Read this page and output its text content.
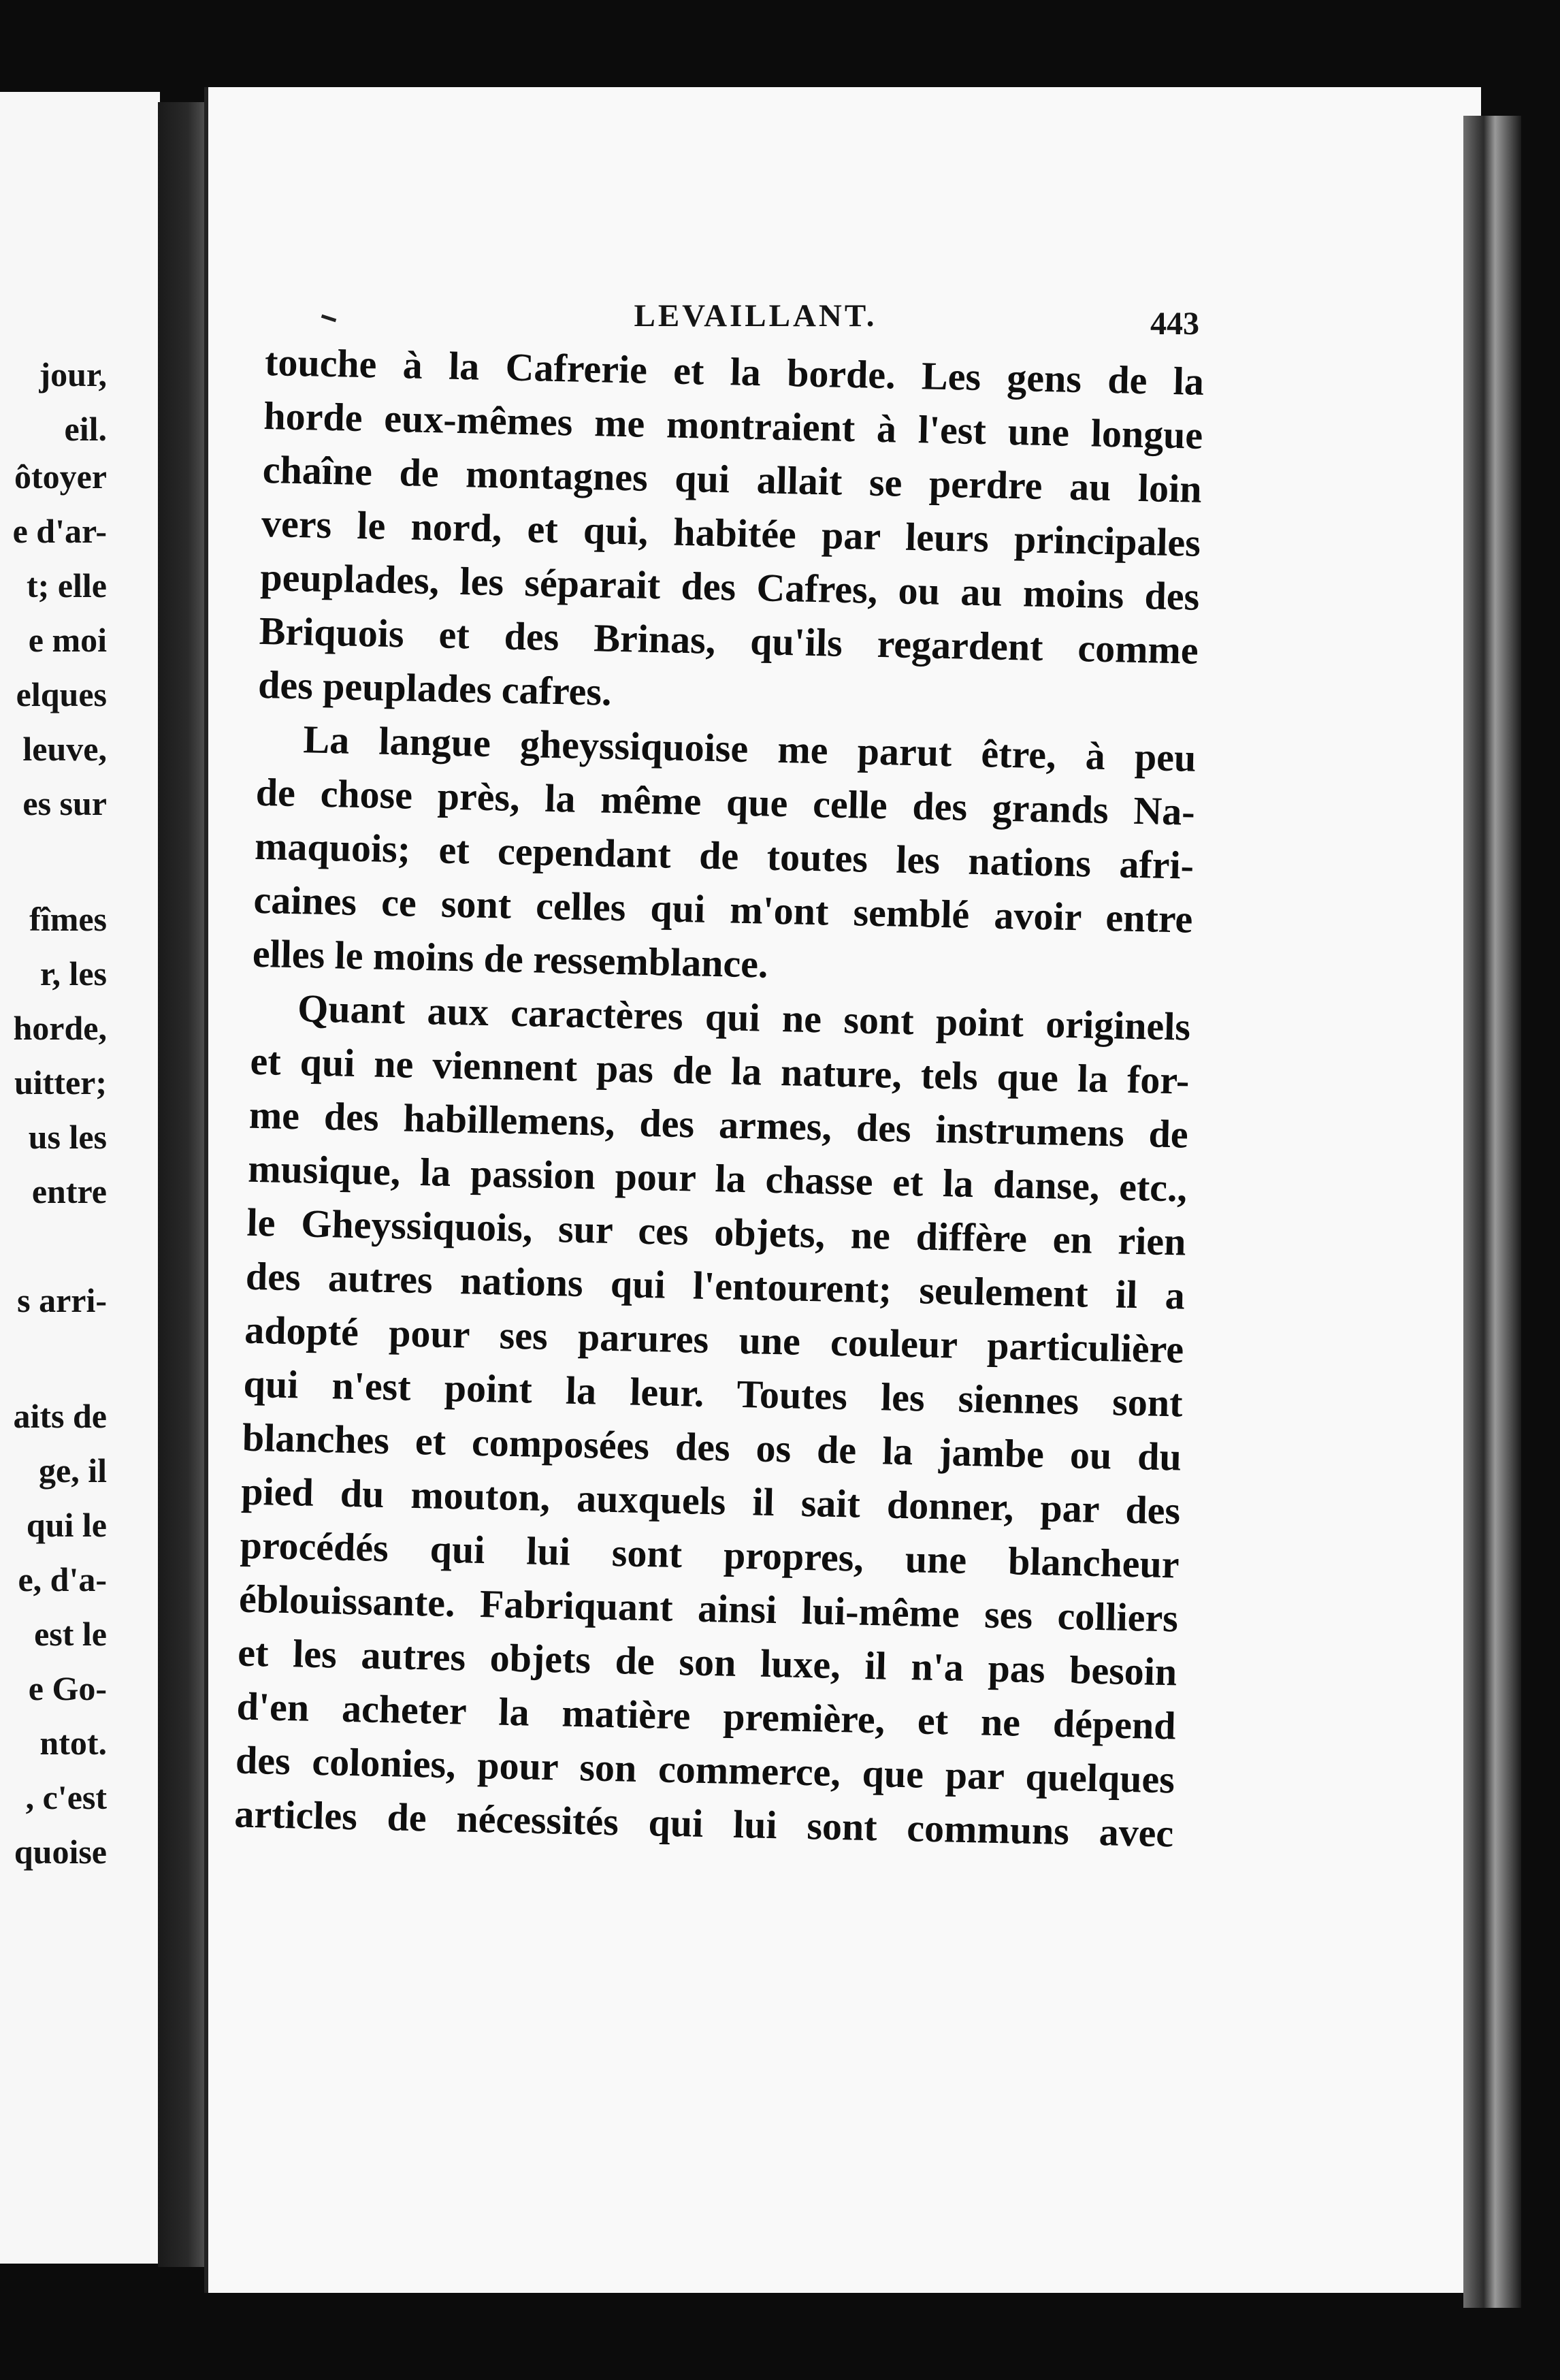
jour,
eil.
ôtoyer
e d'ar-
t; elle
e moi
elques
leuve,
es sur
fîmes
r, les
horde,
uitter;
us les
entre
s arri-
aits de
ge, il
qui le
e, d'a-
est le
e Go-
ntot.
, c'est
quoise
LEVAILLANT.	443
touche à la Cafrerie et la borde. Les gens de la
horde eux-mêmes me montraient à l'est une longue
chaîne de montagnes qui allait se perdre au loin
vers le nord, et qui, habitée par leurs principales
peuplades, les séparait des Cafres, ou au moins des
Briquois et des Brinas, qu'ils regardent comme
des peuplades cafres.
La langue gheyssiquoise me parut être, à peu
de chose près, la même que celle des grands Na-
maquois; et cependant de toutes les nations afri-
caines ce sont celles qui m'ont semblé avoir entre
elles le moins de ressemblance.
Quant aux caractères qui ne sont point originels
et qui ne viennent pas de la nature, tels que la for-
me des habillemens, des armes, des instrumens de
musique, la passion pour la chasse et la danse, etc.,
le Gheyssiquois, sur ces objets, ne diffère en rien
des autres nations qui l'entourent; seulement il a
adopté pour ses parures une couleur particulière
qui n'est point la leur. Toutes les siennes sont
blanches et composées des os de la jambe ou du
pied du mouton, auxquels il sait donner, par des
procédés qui lui sont propres, une blancheur
éblouissante. Fabriquant ainsi lui-même ses colliers
et les autres objets de son luxe, il n'a pas besoin
d'en acheter la matière première, et ne dépend
des colonies, pour son commerce, que par quelques
articles de nécessités qui lui sont communs avec
